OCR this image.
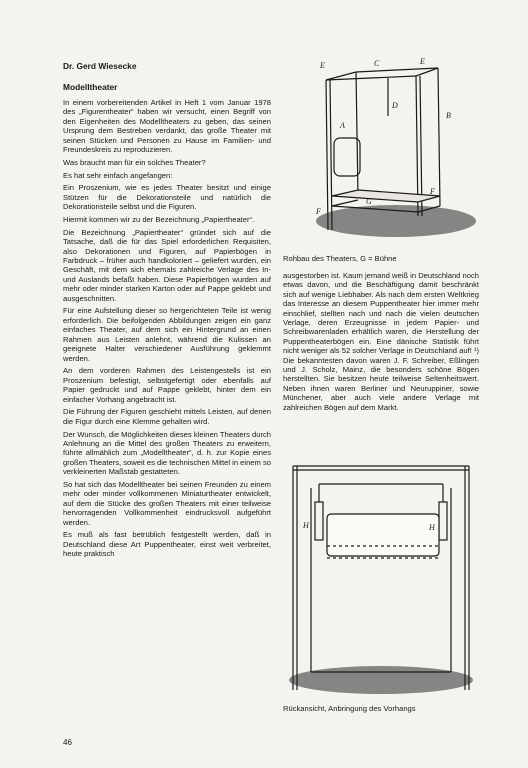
Dr. Gerd Wiesecke
Modelltheater

In einem vorbereitenden Artikel in Heft 1 vom Januar 1978 des „Figurentheater“ haben wir versucht, einen Begriff von den Eigenheiten des Modelltheaters zu geben, das seinen Ursprung dem Bestreben verdankt, das große Theater mit seinen Stücken und Personen zu Hause im Familien- und Freundeskreis zu reproduzieren.

Was braucht man für ein solches Theater?

Es hat sehr einfach angefangen:

Ein Proszenium, wie es jedes Theater besitzt und einige Stützen für die Dekorationsteile und natürlich die Dekorationsteile selbst und die Figuren.

Hiermit kommen wir zu der Bezeichnung „Papiertheater“.

Die Bezeichnung „Papiertheater“ gründet sich auf die Tatsache, daß die für das Spiel erforderlichen Requisiten, also Dekorationen und Figuren, auf Papierbögen in Farbdruck – früher auch handkoloriert – geliefert wurden, ein Geschäft, mit dem sich ehemals zahlreiche Verlage des In- und Auslands befaßt haben. Diese Papierbögen wurden auf mehr oder minder starken Karton oder auf Pappe geklebt und ausgeschnitten.

Für eine Aufstellung dieser so hergerichteten Teile ist wenig erforderlich. Die beifolgenden Abbildungen zeigen ein ganz einfaches Theater, auf dem sich ein Hintergrund an einen Rahmen aus Leisten anlehnt, während die Kulissen an geeignete Halter verschiedener Ausführung geklemmt werden.

An dem vorderen Rahmen des Leistengestells ist ein Proszenium befestigt, selbstgefertigt oder ebenfalls auf Papier gedruckt und auf Pappe geklebt, hinter dem ein einfacher Vorhang angebracht ist.

Die Führung der Figuren geschieht mittels Leisten, auf denen die Figur durch eine Klemme gehalten wird.

Der Wunsch, die Möglichkeiten dieses kleinen Theaters durch Anlehnung an die Mittel des großen Theaters zu erweitern, führte allmählich zum „Modelltheater“, d. h. zur Kopie eines großen Theaters, soweit es die technischen Mittel in einem so verkleinerten Maßstab gestatteten.

So hat sich das Modelltheater bei seinen Freunden zu einem mehr oder minder vollkommenen Miniaturtheater entwickelt, auf dem die Stücke des großen Theaters mit einer teilweise hervorragenden Vollkommenheit eindrucksvoll aufgeführt werden.

Es muß als fast betrüblich festgestellt werden, daß in Deutschland diese Art Puppentheater, einst weit verbreitet, heute praktisch

E	C	E
D
A
B
G
F
F
Rohbau des Theaters, G = Bühne

ausgestorben ist. Kaum jemand weiß in Deutschland noch etwas davon, und die Beschäftigung damit beschränkt sich auf wenige Liebhaber. Als nach dem ersten Weltkrieg das Interesse an diesem Puppentheater hier immer mehr einschlief, stellten nach und nach die vielen deutschen Verlage, deren Erzeugnisse in jedem Papier- und Schreibwarenladen erhältlich waren, die Herstellung der Puppentheaterbögen ein. Eine dänische Statistik führt nicht weniger als 52 solcher Verlage in Deutschland auf! ¹) Die bekanntesten davon waren J. F. Schreiber, Eßlingen und J. Scholz, Mainz, die besonders schöne Bögen herstellten. Sie besitzen heute teilweise Seltenheitswert. Neben ihnen waren Berliner und Neuruppiner, sowie Münchener, aber auch viele andere Verlage mit zahlreichen Bögen auf dem Markt.

H	H
Rückansicht, Anbringung des Vorhangs
46
